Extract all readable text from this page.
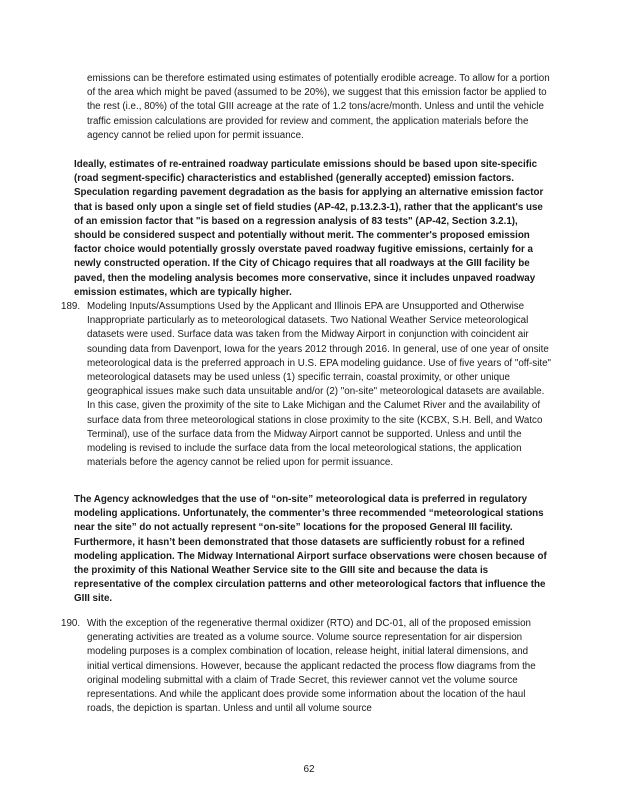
emissions can be therefore estimated using estimates of potentially erodible acreage. To allow for a portion of the area which might be paved (assumed to be 20%), we suggest that this emission factor be applied to the rest (i.e., 80%) of the total GIII acreage at the rate of 1.2 tons/acre/month. Unless and until the vehicle traffic emission calculations are provided for review and comment, the application materials before the agency cannot be relied upon for permit issuance.

Ideally, estimates of re-entrained roadway particulate emissions should be based upon site-specific (road segment-specific) characteristics and established (generally accepted) emission factors. Speculation regarding pavement degradation as the basis for applying an alternative emission factor that is based only upon a single set of field studies (AP-42, p.13.2.3-1), rather that the applicant's use of an emission factor that "is based on a regression analysis of 83 tests" (AP-42, Section 3.2.1), should be considered suspect and potentially without merit. The commenter's proposed emission factor choice would potentially grossly overstate paved roadway fugitive emissions, certainly for a newly constructed operation. If the City of Chicago requires that all roadways at the GIII facility be paved, then the modeling analysis becomes more conservative, since it includes unpaved roadway emission estimates, which are typically higher.

189. Modeling Inputs/Assumptions Used by the Applicant and Illinois EPA are Unsupported and Otherwise Inappropriate particularly as to meteorological datasets. Two National Weather Service meteorological datasets were used. Surface data was taken from the Midway Airport in conjunction with coincident air sounding data from Davenport, Iowa for the years 2012 through 2016. In general, use of one year of onsite meteorological data is the preferred approach in U.S. EPA modeling guidance. Use of five years of "off-site" meteorological datasets may be used unless (1) specific terrain, coastal proximity, or other unique geographical issues make such data unsuitable and/or (2) "on-site" meteorological datasets are available. In this case, given the proximity of the site to Lake Michigan and the Calumet River and the availability of surface data from three meteorological stations in close proximity to the site (KCBX, S.H. Bell, and Watco Terminal), use of the surface data from the Midway Airport cannot be supported. Unless and until the modeling is revised to include the surface data from the local meteorological stations, the application materials before the agency cannot be relied upon for permit issuance.

The Agency acknowledges that the use of “on-site” meteorological data is preferred in regulatory modeling applications. Unfortunately, the commenter’s three recommended “meteorological stations near the site” do not actually represent “on-site” locations for the proposed General III facility. Furthermore, it hasn’t been demonstrated that those datasets are sufficiently robust for a refined modeling application. The Midway International Airport surface observations were chosen because of the proximity of this National Weather Service site to the GIII site and because the data is representative of the complex circulation patterns and other meteorological factors that influence the GIII site.

190. With the exception of the regenerative thermal oxidizer (RTO) and DC-01, all of the proposed emission generating activities are treated as a volume source. Volume source representation for air dispersion modeling purposes is a complex combination of location, release height, initial lateral dimensions, and initial vertical dimensions. However, because the applicant redacted the process flow diagrams from the original modeling submittal with a claim of Trade Secret, this reviewer cannot vet the volume source representations. And while the applicant does provide some information about the location of the haul roads, the depiction is spartan. Unless and until all volume source

62
